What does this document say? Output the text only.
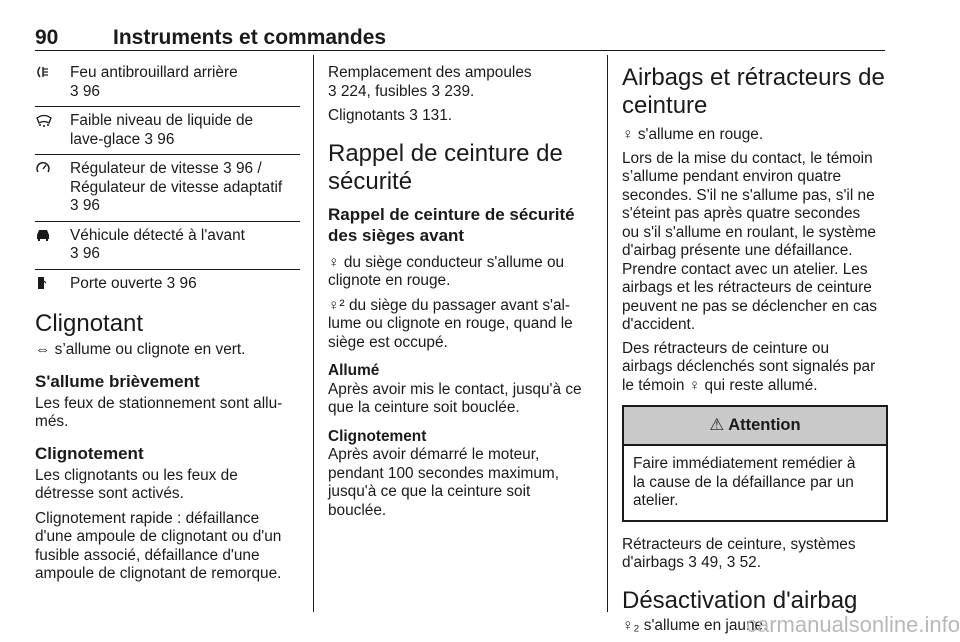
90	Instruments et commandes
Feu antibrouillard arrière
3 96
Faible niveau de liquide de
lave-glace 3 96
Régulateur de vitesse 3 96 /
Régulateur de vitesse adaptatif
3 96
Véhicule détecté à l'avant
3 96
Porte ouverte 3 96
Clignotant

⇔ s’allume ou clignote en vert.

S'allume brièvement

Les feux de stationnement sont allu-
més.

Clignotement

Les clignotants ou les feux de
détresse sont activés.

Clignotement rapide : défaillance
d'une ampoule de clignotant ou d'un
fusible associé, défaillance d'une
ampoule de clignotant de remorque.

Remplacement des ampoules
3 224, fusibles 3 239.

Clignotants 3 131.

Rappel de ceinture de
sécurité
Rappel de ceinture de sécurité
des sièges avant

♀ du siège conducteur s'allume ou
clignote en rouge.

♀² du siège du passager avant s'al-
lume ou clignote en rouge, quand le
siège est occupé.

Allumé

Après avoir mis le contact, jusqu'à ce
que la ceinture soit bouclée.

Clignotement

Après avoir démarré le moteur,
pendant 100 secondes maximum,
jusqu'à ce que la ceinture soit
bouclée.

Airbags et rétracteurs de
ceinture

♀ s'allume en rouge.

Lors de la mise du contact, le témoin
s’allume pendant environ quatre
secondes. S'il ne s'allume pas, s'il ne
s'éteint pas après quatre secondes
ou s'il s'allume en roulant, le système
d'airbag présente une défaillance.
Prendre contact avec un atelier. Les
airbags et les rétracteurs de ceinture
peuvent ne pas se déclencher en cas
d'accident.

Des rétracteurs de ceinture ou
airbags déclenchés sont signalés par
le témoin ♀ qui reste allumé.

⚠ Attention
Faire immédiatement remédier à
la cause de la défaillance par un
atelier.

Rétracteurs de ceinture, systèmes
d'airbags 3 49, 3 52.

Désactivation d'airbag

♀₂ s'allume en jaune.

carmanualsonline.info
